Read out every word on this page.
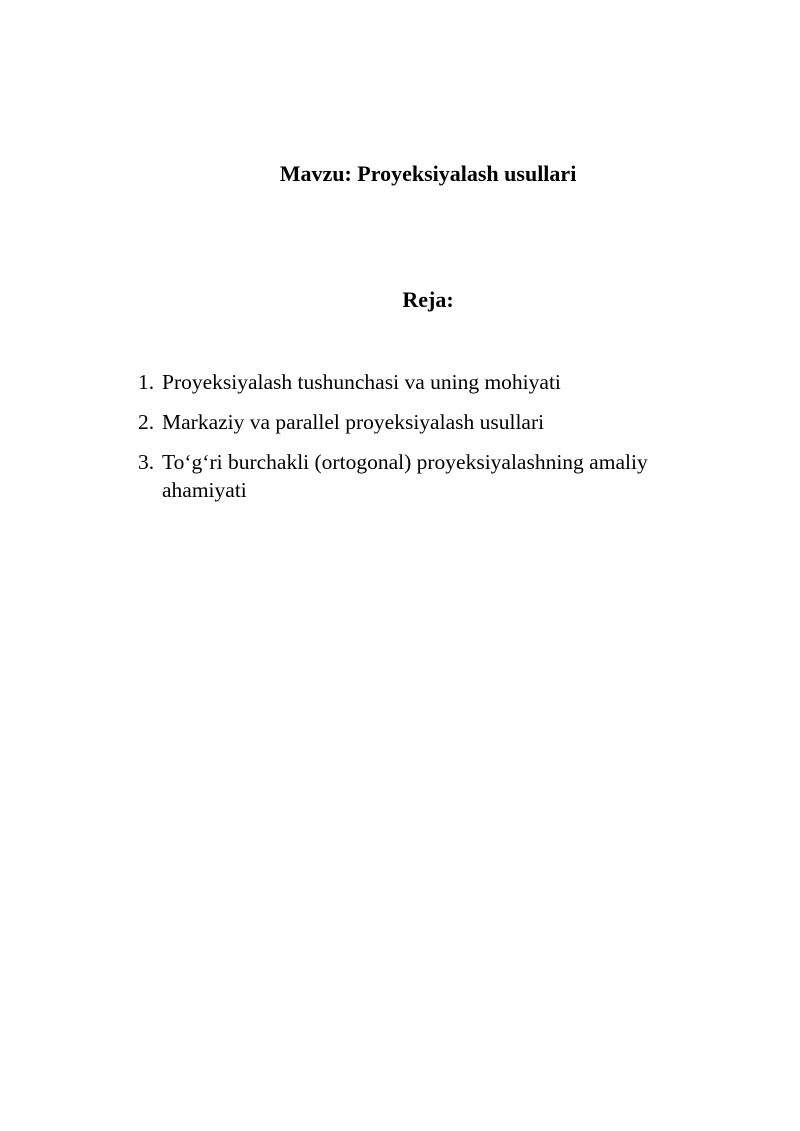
Mavzu: Proyeksiyalash usullari
Reja:
1. Proyeksiyalash tushunchasi va uning mohiyati
2. Markaziy va parallel proyeksiyalash usullari
3. To‘g‘ri burchakli (ortogonal) proyeksiyalashning amaliy ahamiyati
